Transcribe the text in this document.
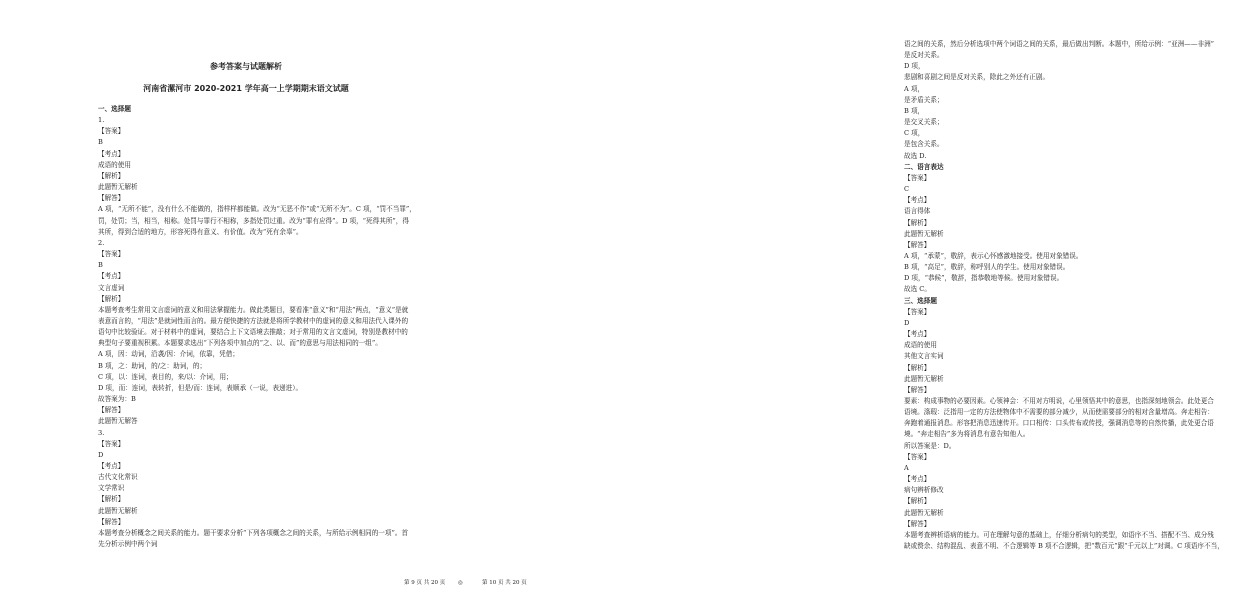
参考答案与试题解析
河南省漯河市 2020-2021 学年高一上学期期末语文试题
一、选择题
1.
【答案】
B
【考点】
成语的使用
【解析】
此题暂无解析
【解答】
A 项，“无所不能”，没有什么不能做的，指样样都能做。改为“无恶不作”或“无所不为”。C 项，“罚不当罪”，
罚，处罚；当，相当，相称。处罚与罪行不相称，多指处罚过重。改为“罪有应得”。D 项，“死得其所”，得
其所，得到合适的地方，形容死得有意义、有价值。改为“死有余辜”。
2.
【答案】
B
【考点】
文言虚词
【解析】
本题考查考生常用文言虚词的意义和用法掌握能力。做此类题目，要看准“意义”和“用法”两点，“意义”是就
表意而言的，“用法”是就词性而言的。最方便快捷的方法就是将所学教材中的虚词的意义和用法代入课外的
语句中比较验证。对于材料中的虚词，要结合上下文语境去推敲；对于常用的文言文虚词，特别是教材中的
典型句子要重视积累。本题要求选出“下列各项中加点的“之、以、而”的意思与用法相同的一组”。
A 项，因：动词，沿袭/因：介词，依靠，凭借；
B 项，之：助词，的/之：助词，的；
C 项，以：连词，表目的，来/以：介词，用；
D 项，而：连词，表转折，但是/而：连词，表顺承（一说，表递进）。
故答案为：B
【解答】
此题暂无解答
3.
【答案】
D
【考点】
古代文化常识
文学常识
【解析】
此题暂无解析
【解答】
本题考查分析概念之间关系的能力。题干要求分析“下列各项概念之间的关系，与所给示例相同的一项”。首
先分析示例中两个词
语之间的关系，然后分析选项中两个词语之间的关系，最后做出判断。本题中，所给示例：“亚洲——非洲”
是反对关系。
D 项，
悲剧和喜剧之间是反对关系，除此之外还有正剧。
A 项，
是矛盾关系；
B 项，
是交叉关系；
C 项，
是包含关系。
故选 D.
二、语言表达
【答案】
C
【考点】
语言得体
【解析】
此题暂无解析
【解答】
A 项，“承蒙”，敬辞，表示心怀感激地接受。使用对象错误。
B 项，“高足”，敬辞，称呼别人的学生。使用对象错误。
D 项，“恭候”，敬辞，指恭敬地等候。使用对象错误。
故选 C。
三、选择题
【答案】
D
【考点】
成语的使用
其他文言实词
【解析】
此题暂无解析
【解答】
要素：构成事物的必要因素。心领神会：不用对方明说，心里领悟其中的意思，也指深刻地领会。此处更合
语境。涤瑕：泛指用一定的方法使物体中不需要的部分减少，从而使需要部分的相对含量增高。奔走相告：
奔跑着通报消息。形容把消息迅速传开。口口相传：口头传布或传授，强调消息等的自然传播，此处更合语
境。“奔走相告”多为将消息有意告知他人。
所以答案是：D。
【答案】
A
【考点】
病句辨析修改
【解析】
此题暂无解析
【解答】
本题考查辨析语病的能力。可在理解句意的基础上，仔细分析病句的类型，如语序不当、搭配不当、成分残
缺或赘余、结构混乱、表意不明、不合逻辑等 B 项不合逻辑，把“数百元”跟“千元以上”对调。C 项语序不当，
第 9 页 共 20 页 ◎	第 10 页 共 20 页
